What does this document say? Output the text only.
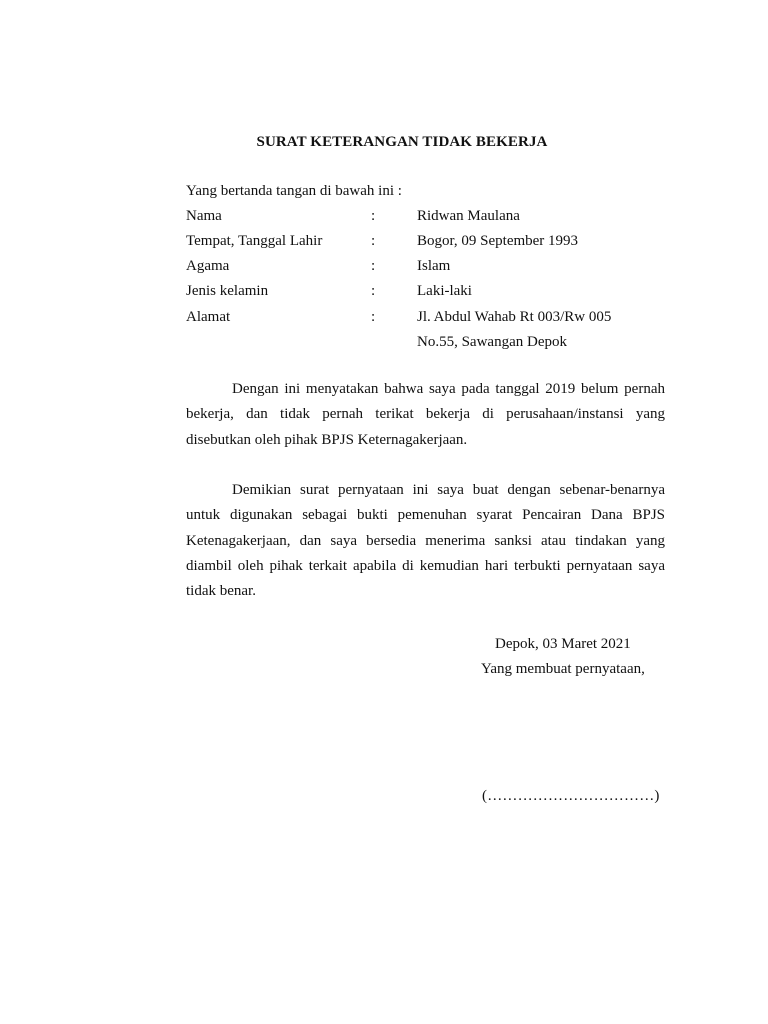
SURAT KETERANGAN TIDAK BEKERJA
Yang bertanda tangan di bawah ini :
Nama	:	Ridwan Maulana
Tempat, Tanggal Lahir	:	Bogor, 09 September 1993
Agama	:	Islam
Jenis kelamin	:	Laki-laki
Alamat	:	Jl. Abdul Wahab Rt 003/Rw 005
No.55, Sawangan Depok
Dengan ini menyatakan bahwa saya pada tanggal 2019 belum pernah bekerja, dan tidak pernah terikat bekerja di perusahaan/instansi yang disebutkan oleh pihak BPJS Keternagakerjaan.
Demikian surat pernyataan ini saya buat dengan sebenar-benarnya untuk digunakan sebagai bukti pemenuhan syarat Pencairan Dana BPJS Ketenagakerjaan, dan saya bersedia menerima sanksi atau tindakan yang diambil oleh pihak terkait apabila di kemudian hari terbukti pernyataan saya tidak benar.
Depok, 03 Maret 2021
Yang membuat pernyataan,
(……………………………)
